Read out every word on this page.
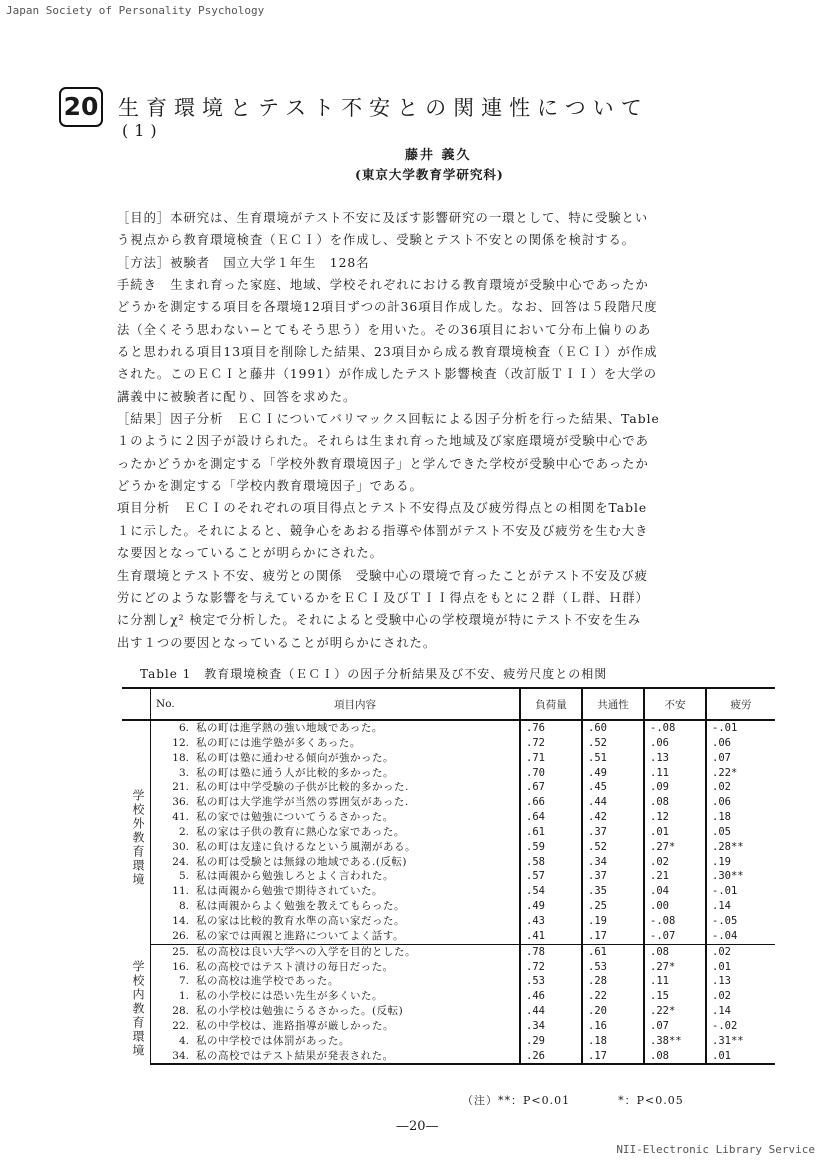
Japan Society of Personality Psychology
20 生育環境とテスト不安との関連性について
(1)
藤井 義久
(東京大学教育学研究科)

［目的］本研究は、生育環境がテスト不安に及ぼす影響研究の一環として、特に受験とい

う視点から教育環境検査（ＥＣＩ）を作成し、受験とテスト不安との関係を検討する。

［方法］被験者　国立大学１年生　128名

手続き　生まれ育った家庭、地域、学校それぞれにおける教育環境が受験中心であったか

どうかを測定する項目を各環境12項目ずつの計36項目作成した。なお、回答は５段階尺度

法（全くそう思わない−とてもそう思う）を用いた。その36項目において分布上偏りのあ

ると思われる項目13項目を削除した結果、23項目から成る教育環境検査（ＥＣＩ）が作成

された。このＥＣＩと藤井（1991）が作成したテスト影響検査（改訂版ＴＩＩ）を大学の

講義中に被験者に配り、回答を求めた。

［結果］因子分析　ＥＣＩについてバリマックス回転による因子分析を行った結果、Table

１のように２因子が設けられた。それらは生まれ育った地域及び家庭環境が受験中心であ

ったかどうかを測定する「学校外教育環境因子」と学んできた学校が受験中心であったか

どうかを測定する「学校内教育環境因子」である。

項目分析　ＥＣＩのそれぞれの項目得点とテスト不安得点及び疲労得点との相関をTable

１に示した。それによると、競争心をあおる指導や体罰がテスト不安及び疲労を生む大き

な要因となっていることが明らかにされた。

生育環境とテスト不安、疲労との関係　受験中心の環境で育ったことがテスト不安及び疲

労にどのような影響を与えているかをＥＣＩ及びＴＩＩ得点をもとに２群（Ｌ群、Ｈ群）

に分割しχ² 検定で分析した。それによると受験中心の学校環境が特にテスト不安を生み

出す１つの要因となっていることが明らかにされた。

Table 1　教育環境検査（ＥＣＩ）の因子分析結果及び不安、疲労尺度との相関
	No.	項目内容	負荷量	共通性	不安	疲労
学校外教育環境	6.	私の町は進学熱の強い地域であった。	.76	.60	-.08	-.01
	12.	私の町には進学塾が多くあった。	.72	.52	.06	.06
	18.	私の町は塾に通わせる傾向が強かった。	.71	.51	.13	.07
	3.	私の町は塾に通う人が比較的多かった。	.70	.49	.11	.22*
	21.	私の町は中学受験の子供が比較的多かった.	.67	.45	.09	.02
	36.	私の町は大学進学が当然の雰囲気があった.	.66	.44	.08	.06
	41.	私の家では勉強についてうるさかった。	.64	.42	.12	.18
	2.	私の家は子供の教育に熱心な家であった。	.61	.37	.01	.05
	30.	私の町は友達に負けるなという風潮がある。	.59	.52	.27*	.28**
	24.	私の町は受験とは無縁の地域である.(反転)	.58	.34	.02	.19
	5.	私は両親から勉強しろとよく言われた。	.57	.37	.21	.30**
	11.	私は両親から勉強で期待されていた。	.54	.35	.04	-.01
	8.	私は両親からよく勉強を教えてもらった。	.49	.25	.00	.14
	14.	私の家は比較的教育水準の高い家だった。	.43	.19	-.08	-.05
	26.	私の家では両親と進路についてよく話す。	.41	.17	-.07	-.04
学校内教育環境	25.	私の高校は良い大学への入学を目的とした。	.78	.61	.08	.02
	16.	私の高校ではテスト漬けの毎日だった。	.72	.53	.27*	.01
	7.	私の高校は進学校であった。	.53	.28	.11	.13
	1.	私の小学校には恐い先生が多くいた。	.46	.22	.15	.02
	28.	私の小学校は勉強にうるさかった。(反転)	.44	.20	.22*	.14
	22.	私の中学校は、進路指導が厳しかった。	.34	.16	.07	-.02
	4.	私の中学校では体罰があった。	.29	.18	.38**	.31**
	34.	私の高校ではテスト結果が発表された。	.26	.17	.08	.01
（注）**：P<0.01　　　　*：P<0.05
—20—
NII-Electronic Library Service
